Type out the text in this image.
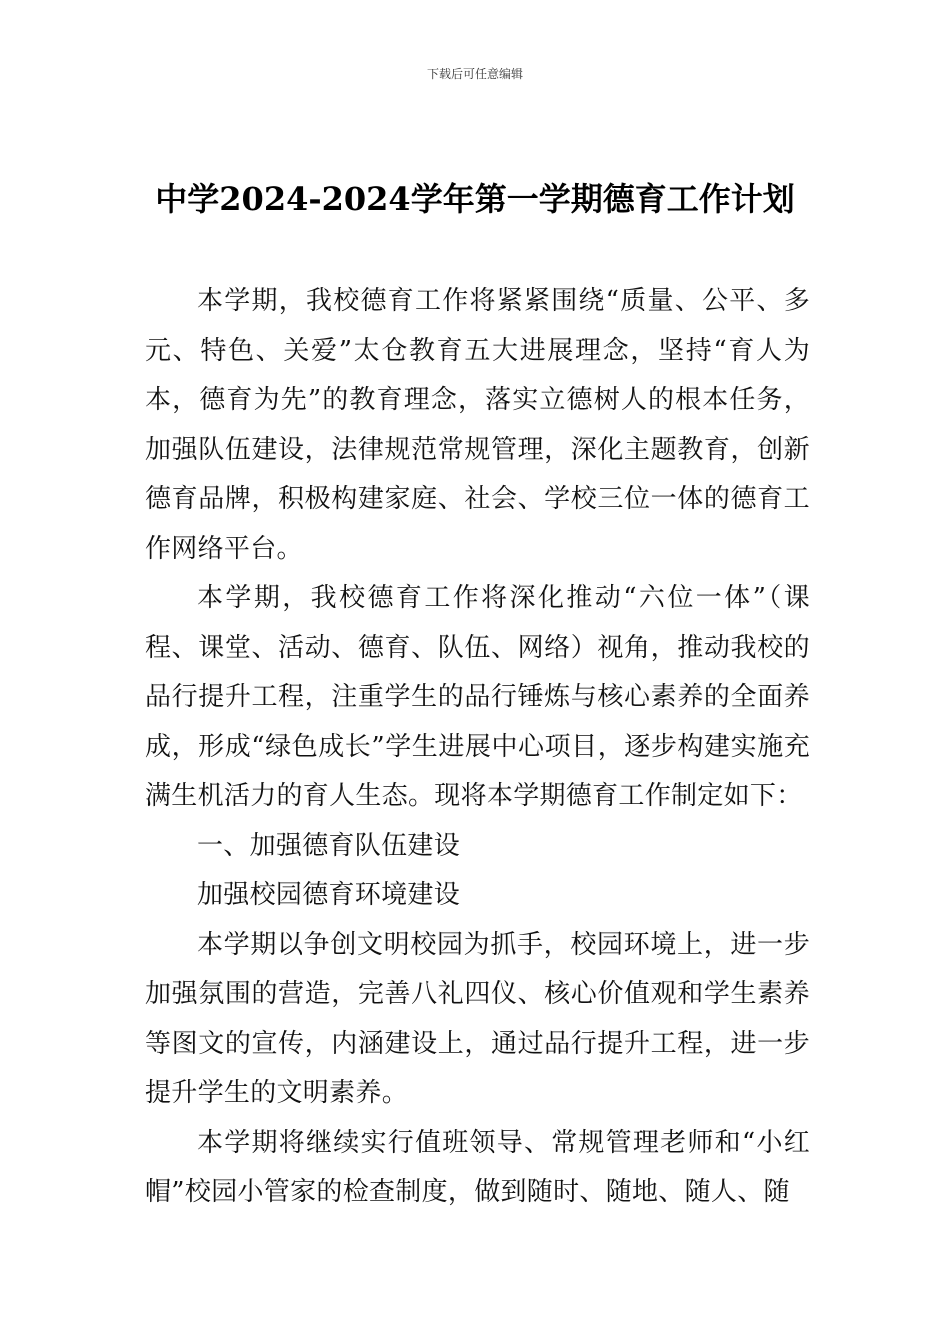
下载后可任意编辑
中学2024-2024学年第一学期德育工作计划

本学期，我校德育工作将紧紧围绕“质量、公平、多元、特色、关爱”太仓教育五大进展理念，坚持“育人为本，德育为先”的教育理念，落实立德树人的根本任务，加强队伍建设，法律规范常规管理，深化主题教育，创新德育品牌，积极构建家庭、社会、学校三位一体的德育工作网络平台。

本学期，我校德育工作将深化推动“六位一体”（课程、课堂、活动、德育、队伍、网络）视角，推动我校的品行提升工程，注重学生的品行锤炼与核心素养的全面养成，形成“绿色成长”学生进展中心项目，逐步构建实施充满生机活力的育人生态。现将本学期德育工作制定如下：

一、加强德育队伍建设

加强校园德育环境建设

本学期以争创文明校园为抓手，校园环境上，进一步加强氛围的营造，完善八礼四仪、核心价值观和学生素养等图文的宣传，内涵建设上，通过品行提升工程，进一步提升学生的文明素养。

本学期将继续实行值班领导、常规管理老师和“小红帽”校园小管家的检查制度，做到随时、随地、随人、随
